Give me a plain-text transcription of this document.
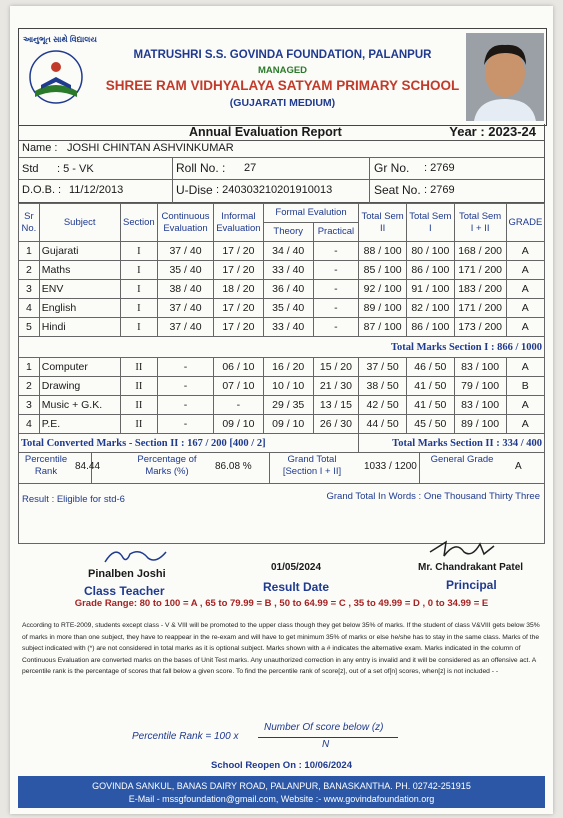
આનુભૂત સાથે વિદ્યાલય
MATRUSHRI S.S. GOVINDA FOUNDATION, PALANPUR
MANAGED
SHREE RAM VIDHYALAYA SATYAM PRIMARY SCHOOL
(GUJARATI MEDIUM)
Annual Evaluation Report	Year : 2023-24
Name : JOSHI CHINTAN ASHVINKUMAR
Std : 5 - VK	Roll No. : 27	Gr No. : 2769
D.O.B. : 11/12/2013	U-Dise : 240303210201910013	Seat No. : 2769
Sr No.	Subject	Section	Continuous Evaluation	Informal Evaluation	Formal Evalution		Total Sem II	Total Sem I	Total Sem I + II	GRADE
					Theory	Practical				
1	Gujarati	I	37 / 40	17 / 20	34 / 40	-	88 / 100	80 / 100	168 / 200	A
2	Maths	I	35 / 40	17 / 20	33 / 40	-	85 / 100	86 / 100	171 / 200	A
3	ENV	I	38 / 40	18 / 20	36 / 40	-	92 / 100	91 / 100	183 / 200	A
4	English	I	37 / 40	17 / 20	35 / 40	-	89 / 100	82 / 100	171 / 200	A
5	Hindi	I	37 / 40	17 / 20	33 / 40	-	87 / 100	86 / 100	173 / 200	A
Total Marks Section I : 866 / 1000										
1	Computer	II	-	06 / 10	16 / 20	15 / 20	37 / 50	46 / 50	83 / 100	A
2	Drawing	II	-	07 / 10	10 / 10	21 / 30	38 / 50	41 / 50	79 / 100	B
3	Music + G.K.	II	-	-	29 / 35	13 / 15	42 / 50	41 / 50	83 / 100	A
4	P.E.	II	-	09 / 10	09 / 10	26 / 30	44 / 50	45 / 50	89 / 100	A
Total Converted Marks - Section II : 167 / 200 [400 / 2]							Total Marks Section II : 334 / 400			
Percentile Rank	84.44
Percentage of Marks (%)	86.08 %
Grand Total [Section I + II]	1033 / 1200
General Grade
A
Result : Eligible for std-6	Grand Total In Words : One Thousand Thirty Three
Pinalben Joshi
Class Teacher
01/05/2024
Result Date
Mr. Chandrakant Patel
Principal
Grade Range: 80 to 100 = A , 65 to 79.99 = B , 50 to 64.99 = C , 35 to 49.99 = D , 0 to 34.99 = E
According to RTE-2009, students except class - V & VIII will be promoted to the upper class though they get below 35% of marks. If the student of class V&VIII gets below 35% of marks in more than one subject, they have to reappear in the re-exam and will have to get minimum 35% of marks or else he/she has to stay in the same class. Marks of the subject indicated with (*) are not considered in total marks as it is optional subject. Marks shown with a # indicates the alternative exam. Marks indicated in the column of Continuous Evaluation are converted marks on the bases of Unit Test marks. Any unauthorized correction in any entry is invalid and it will be considered as an offensive act. A percentile rank is the percentage of scores that fall below a given score. To find the percentile rank of score[z], out of a set of[n] scores, when[z] is not included - -
Percentile Rank = 100 x
Number Of score below (z)
N
School Reopen On : 10/06/2024
GOVINDA SANKUL, BANAS DAIRY ROAD, PALANPUR, BANASKANTHA. PH. 02742-251915
E-Mail - mssgfoundation@gmail.com, Website :- www.govindafoundation.org
